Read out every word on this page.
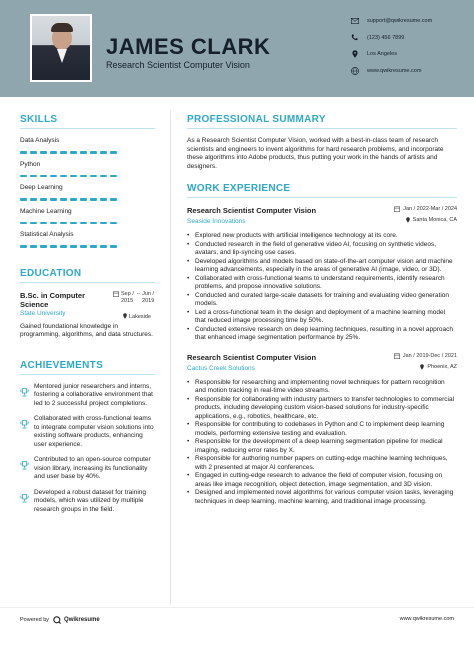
JAMES CLARK
Research Scientist Computer Vision
support@qwikresume.com
(123) 456 7899
Los Angeles
www.qwikresume.com
SKILLS
Data Analysis
Python
Deep Learning
Machine Learning
Statistical Analysis
EDUCATION
B.Sc. in Computer Science
State University
Sep / 2015
– Jun / 2019
Lakeside
Gained foundational knowledge in programming, algorithms, and data structures.
ACHIEVEMENTS
Mentored junior researchers and interns, fostering a collaborative environment that led to 2 successful project completions.
Collaborated with cross-functional teams to integrate computer vision solutions into existing software products, enhancing user experience.
Contributed to an open-source computer vision library, increasing its functionality and user base by 40%.
Developed a robust dataset for training models, which was utilized by multiple research groups in the field.
PROFESSIONAL SUMMARY
As a Research Scientist Computer Vision, worked with a best-in-class team of research scientists and engineers to invent algorithms for hard research problems, and incorporate these algorithms into Adobe products, thus putting your work in the hands of artists and designers.
WORK EXPERIENCE
Research Scientist Computer Vision
Seaside Innovations
Jan / 2022-Mar / 2024
Santa Monica, CA
• Explored new products with artificial intelligence technology at its core.
• Conducted research in the field of generative video AI, focusing on synthetic videos, avatars, and lip-syncing use cases.
• Developed algorithms and models based on state-of-the-art computer vision and machine learning advancements, especially in the areas of generative AI (image, video, or 3D).
• Collaborated with cross-functional teams to understand requirements, identify research problems, and propose innovative solutions.
• Conducted and curated large-scale datasets for training and evaluating video generation models.
• Led a cross-functional team in the design and deployment of a machine learning model that reduced image processing time by 50%.
• Conducted extensive research on deep learning techniques, resulting in a novel approach that enhanced image segmentation performance by 25%.
Research Scientist Computer Vision
Cactus Creek Solutions
Jan / 2019-Dec / 2021
Phoenix, AZ
• Responsible for researching and implementing novel techniques for pattern recognition and motion tracking in real-time video streams.
• Responsible for collaborating with industry partners to transfer technologies to commercial products, including developing custom vision-based solutions for industry-specific applications, e.g., robotics, healthcare, etc.
• Responsible for contributing to codebases in Python and C to implement deep learning models, performing extensive testing and evaluation.
• Responsible for the development of a deep learning segmentation pipeline for medical imaging, reducing error rates by X.
• Responsible for authoring number papers on cutting-edge machine learning techniques, with 2 presented at major AI conferences.
• Engaged in cutting-edge research to advance the field of computer vision, focusing on areas like image recognition, object detection, image segmentation, and 3D vision.
• Designed and implemented novel algorithms for various computer vision tasks, leveraging techniques in deep learning, machine learning, and traditional image processing.
Powered by	Qwikresume	www.qwikresume.com
